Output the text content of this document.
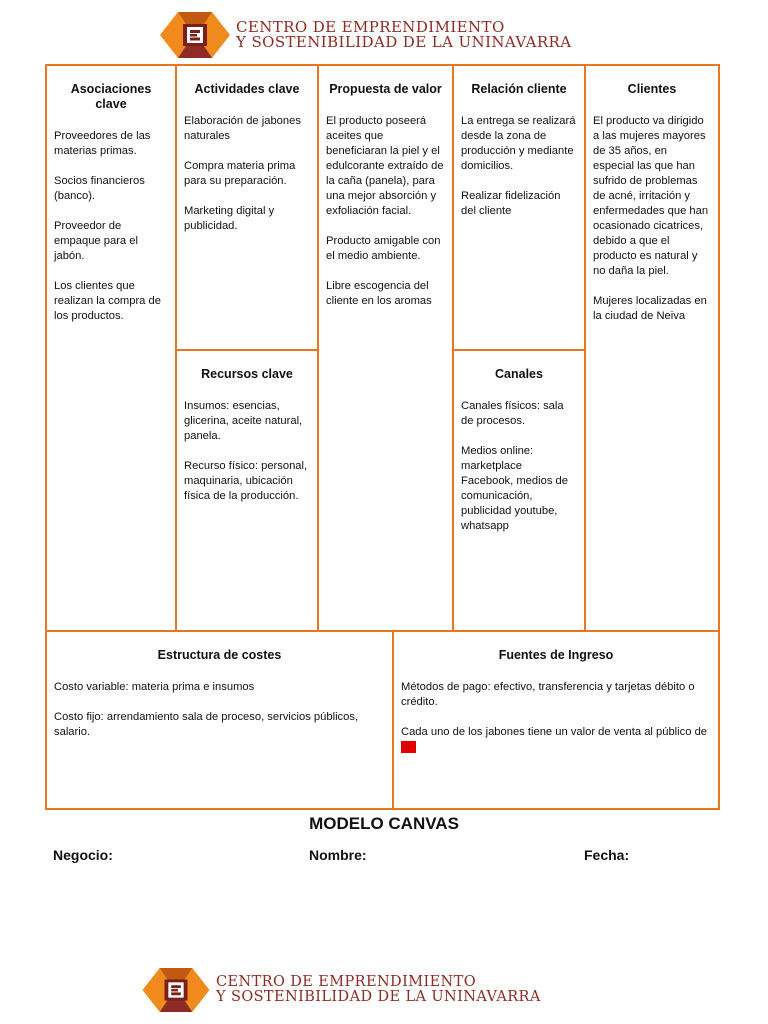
CENTRO DE EMPRENDIMIENTO
Y SOSTENIBILIDAD DE LA UNINAVARRA
Asociaciones clave

Proveedores de las materias primas.

Socios financieros (banco).

Proveedor de empaque para el jabón.

Los clientes que realizan la compra de los productos.

Actividades clave

Elaboración de jabones naturales

Compra materia prima para su preparación.

Marketing digital y publicidad.

Recursos clave

Insumos: esencias, glicerina, aceite natural, panela.

Recurso físico: personal, maquinaria, ubicación física de la producción.

Propuesta de valor

El producto poseerá aceites que beneficiaran la piel y el edulcorante extraído de la caña (panela), para una mejor absorción y exfoliación facial.

Producto amigable con el medio ambiente.

Libre escogencia del cliente en los aromas

Relación cliente

La entrega se realizará desde la zona de producción y mediante domicilios.

Realizar fidelización del cliente

Canales

Canales físicos: sala de procesos.

Medios online: marketplace Facebook, medios de comunicación, publicidad youtube, whatsapp

Clientes

El producto va dirigido a las mujeres mayores de 35 años, en especial las que han sufrido de problemas de acné, irritación y enfermedades que han ocasionado cicatrices, debido a que el producto es natural y no daña la piel.

Mujeres localizadas en la ciudad de Neiva

Estructura de costes

Costo variable: materia prima e insumos

Costo fijo: arrendamiento sala de proceso, servicios públicos, salario.

Fuentes de Ingreso

Métodos de pago: efectivo, transferencia y tarjetas débito o crédito.

Cada uno de los jabones tiene un valor de venta al público de XX

MODELO CANVAS
Negocio:	Nombre:	Fecha:
CENTRO DE EMPRENDIMIENTO
Y SOSTENIBILIDAD DE LA UNINAVARRA
